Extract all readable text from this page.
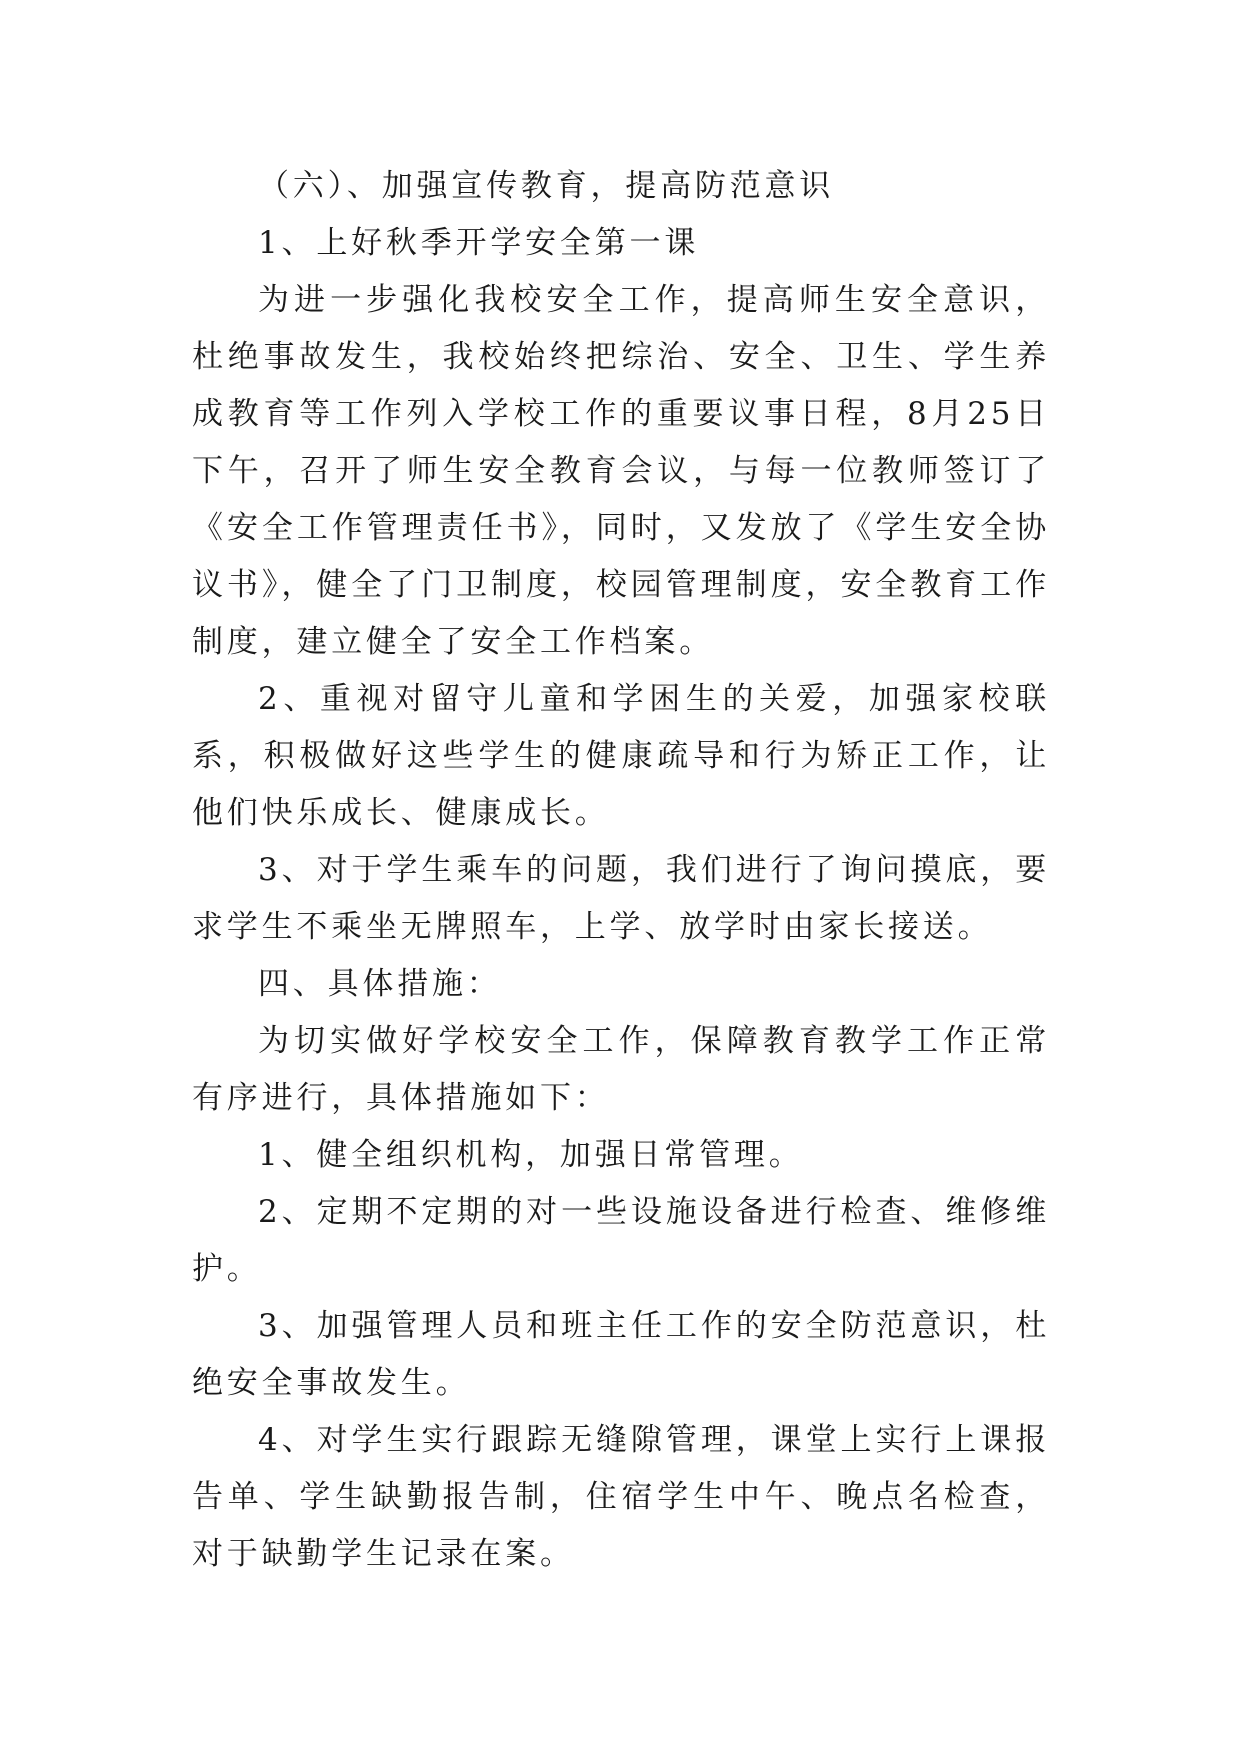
（六）、加强宣传教育，提高防范意识

1、上好秋季开学安全第一课

为进一步强化我校安全工作，提高师生安全意识，杜绝事故发生，我校始终把综治、安全、卫生、学生养成教育等工作列入学校工作的重要议事日程，8月25日下午，召开了师生安全教育会议，与每一位教师签订了《安全工作管理责任书》，同时，又发放了《学生安全协议书》，健全了门卫制度，校园管理制度，安全教育工作制度，建立健全了安全工作档案。

2、重视对留守儿童和学困生的关爱，加强家校联系，积极做好这些学生的健康疏导和行为矫正工作，让他们快乐成长、健康成长。

3、对于学生乘车的问题，我们进行了询问摸底，要求学生不乘坐无牌照车，上学、放学时由家长接送。

四、具体措施：

为切实做好学校安全工作，保障教育教学工作正常有序进行，具体措施如下：

1、健全组织机构，加强日常管理。

2、定期不定期的对一些设施设备进行检查、维修维护。

3、加强管理人员和班主任工作的安全防范意识，杜绝安全事故发生。

4、对学生实行跟踪无缝隙管理，课堂上实行上课报告单、学生缺勤报告制，住宿学生中午、晚点名检查，对于缺勤学生记录在案。
